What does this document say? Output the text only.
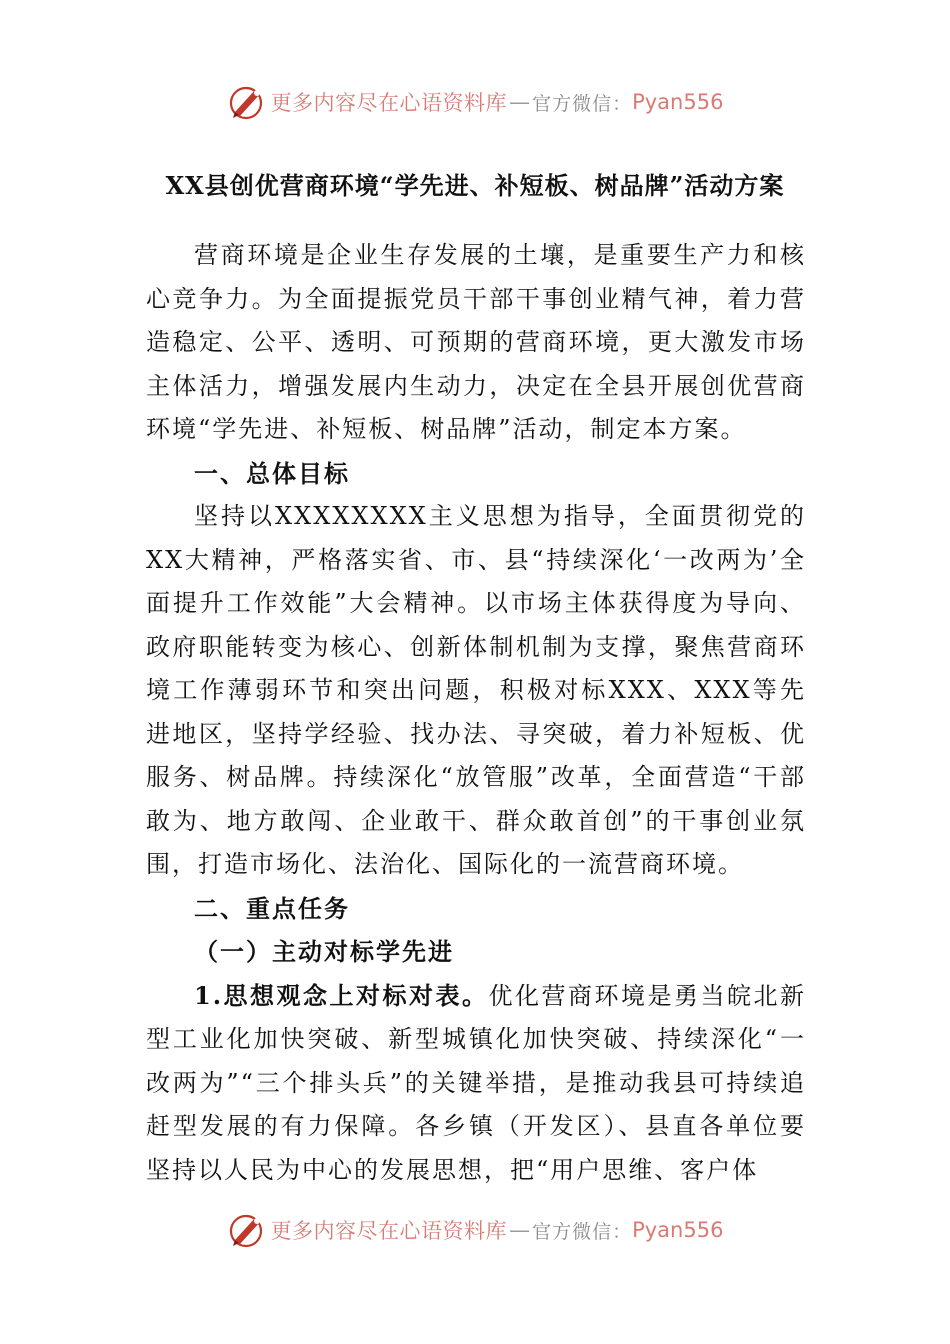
更多内容尽在心语资料库 — 官方微信： Pyan556
XX县创优营商环境“学先进、补短板、树品牌”活动方案

营商环境是企业生存发展的土壤，是重要生产力和核心竞争力。为全面提振党员干部干事创业精气神，着力营造稳定、公平、透明、可预期的营商环境，更大激发市场主体活力，增强发展内生动力，决定在全县开展创优营商环境“学先进、补短板、树品牌”活动，制定本方案。

一、总体目标

坚持以XXXXXXXX主义思想为指导，全面贯彻党的XX大精神，严格落实省、市、县“持续深化‘一改两为’全面提升工作效能”大会精神。以市场主体获得度为导向、政府职能转变为核心、创新体制机制为支撑，聚焦营商环境工作薄弱环节和突出问题，积极对标XXX、XXX等先进地区，坚持学经验、找办法、寻突破，着力补短板、优服务、树品牌。持续深化“放管服”改革，全面营造“干部敢为、地方敢闯、企业敢干、群众敢首创”的干事创业氛围，打造市场化、法治化、国际化的一流营商环境。

二、重点任务

（一）主动对标学先进

1.思想观念上对标对表。优化营商环境是勇当皖北新型工业化加快突破、新型城镇化加快突破、持续深化“一改两为”“三个排头兵”的关键举措，是推动我县可持续追赶型发展的有力保障。各乡镇（开发区）、县直各单位要坚持以人民为中心的发展思想，把“用户思维、客户体

更多内容尽在心语资料库 — 官方微信： Pyan556
